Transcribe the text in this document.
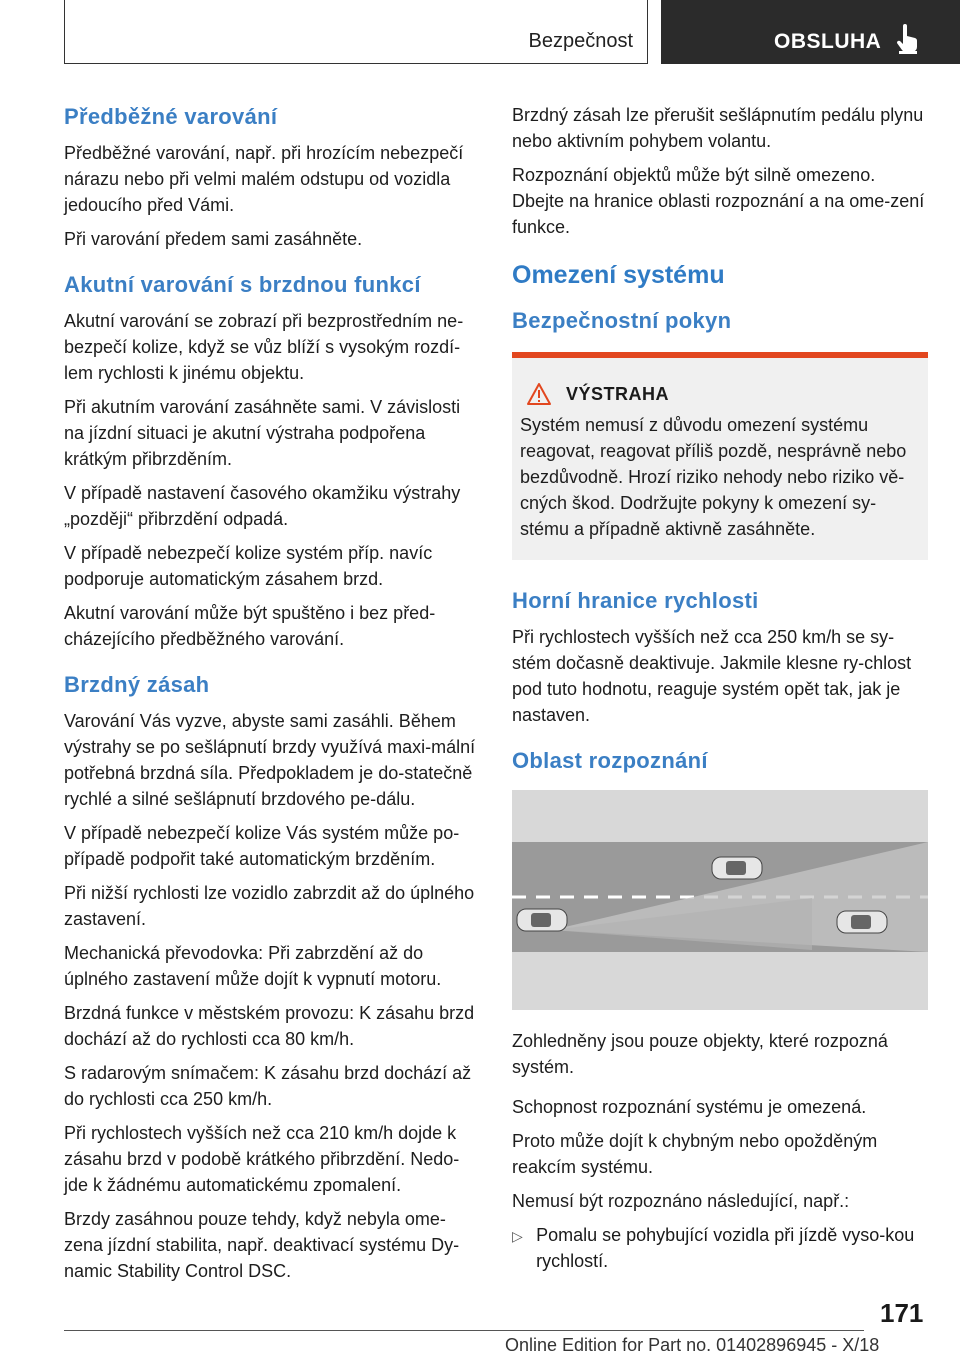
Bezpečnost	OBSLUHA
Předběžné varování

Předběžné varování, např. při hrozícím nebezpečí nárazu nebo při velmi malém odstupu od vozidla jedoucího před Vámi.

Při varování předem sami zasáhněte.

Akutní varování s brzdnou funkcí

Akutní varování se zobrazí při bezprostředním ne-bezpečí kolize, když se vůz blíží s vysokým rozdí-lem rychlosti k jinému objektu.

Při akutním varování zasáhněte sami. V závislosti na jízdní situaci je akutní výstraha podpořena krátkým přibrzděním.

V případě nastavení časového okamžiku výstrahy „později“ přibrzdění odpadá.

V případě nebezpečí kolize systém příp. navíc podporuje automatickým zásahem brzd.

Akutní varování může být spuštěno i bez před-cházejícího předběžného varování.

Brzdný zásah

Varování Vás vyzve, abyste sami zasáhli. Během výstrahy se po sešlápnutí brzdy využívá maxi-mální potřebná brzdná síla. Předpokladem je do-statečně rychlé a silné sešlápnutí brzdového pe-dálu.

V případě nebezpečí kolize Vás systém může po-případě podpořit také automatickým brzděním.

Při nižší rychlosti lze vozidlo zabrzdit až do úplného zastavení.

Mechanická převodovka: Při zabrzdění až do úplného zastavení může dojít k vypnutí motoru.

Brzdná funkce v městském provozu: K zásahu brzd dochází až do rychlosti cca 80 km/h.

S radarovým snímačem: K zásahu brzd dochází až do rychlosti cca 250 km/h.

Při rychlostech vyšších než cca 210 km/h dojde k zásahu brzd v podobě krátkého přibrzdění. Nedo-jde k žádnému automatickému zpomalení.

Brzdy zasáhnou pouze tehdy, když nebyla ome-zena jízdní stabilita, např. deaktivací systému Dy-namic Stability Control DSC.

Brzdný zásah lze přerušit sešlápnutím pedálu plynu nebo aktivním pohybem volantu.

Rozpoznání objektů může být silně omezeno. Dbejte na hranice oblasti rozpoznání a na ome-zení funkce.

Omezení systému
Bezpečnostní pokyn
VÝSTRAHA

Systém nemusí z důvodu omezení systému reagovat, reagovat příliš pozdě, nesprávně nebo bezdůvodně. Hrozí riziko nehody nebo riziko vě-cných škod. Dodržujte pokyny k omezení sy-stému a případně aktivně zasáhněte.

Horní hranice rychlosti

Při rychlostech vyšších než cca 250 km/h se sy-stém dočasně deaktivuje. Jakmile klesne ry-chlost pod tuto hodnotu, reaguje systém opět tak, jak je nastaven.

Oblast rozpoznání

Zohledněny jsou pouze objekty, které rozpozná systém.

Schopnost rozpoznání systému je omezená.

Proto může dojít k chybným nebo opožděným reakcím systému.

Nemusí být rozpoznáno následující, např.:

▷ Pomalu se pohybující vozidla při jízdě vyso-kou rychlostí.
171
Online Edition for Part no. 01402896945 - X/18
